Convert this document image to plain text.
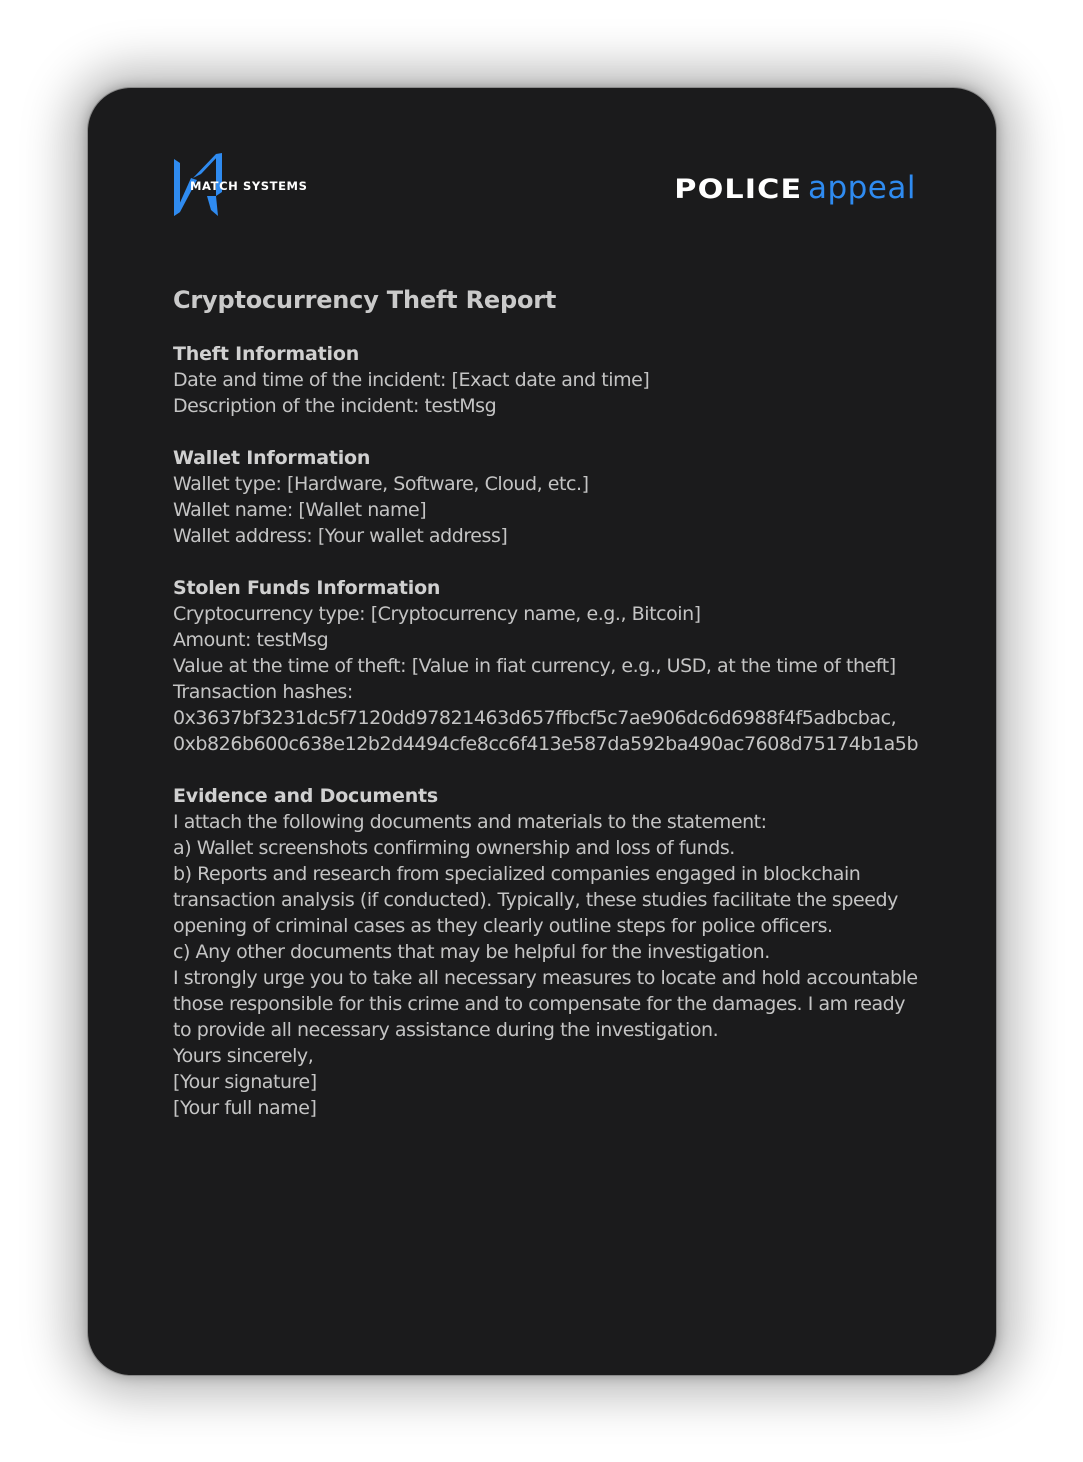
MATCH SYSTEMS	POLICE appeal
Cryptocurrency Theft Report
Theft Information
Date and time of the incident: [Exact date and time]
Description of the incident: testMsg
Wallet Information
Wallet type: [Hardware, Software, Cloud, etc.]
Wallet name: [Wallet name]
Wallet address: [Your wallet address]
Stolen Funds Information
Cryptocurrency type: [Cryptocurrency name, e.g., Bitcoin]
Amount: testMsg
Value at the time of theft: [Value in fiat currency, e.g., USD, at the time of theft]
Transaction hashes:
0x3637bf3231dc5f7120dd97821463d657ffbcf5c7ae906dc6d6988f4f5adbcbac,
0xb826b600c638e12b2d4494cfe8cc6f413e587da592ba490ac7608d75174b1a5b
Evidence and Documents
I attach the following documents and materials to the statement:
a) Wallet screenshots confirming ownership and loss of funds.
b) Reports and research from specialized companies engaged in blockchain transaction analysis (if conducted). Typically, these studies facilitate the speedy opening of criminal cases as they clearly outline steps for police officers.
c) Any other documents that may be helpful for the investigation.
I strongly urge you to take all necessary measures to locate and hold accountable those responsible for this crime and to compensate for the damages. I am ready to provide all necessary assistance during the investigation.
Yours sincerely,
[Your signature]
[Your full name]
